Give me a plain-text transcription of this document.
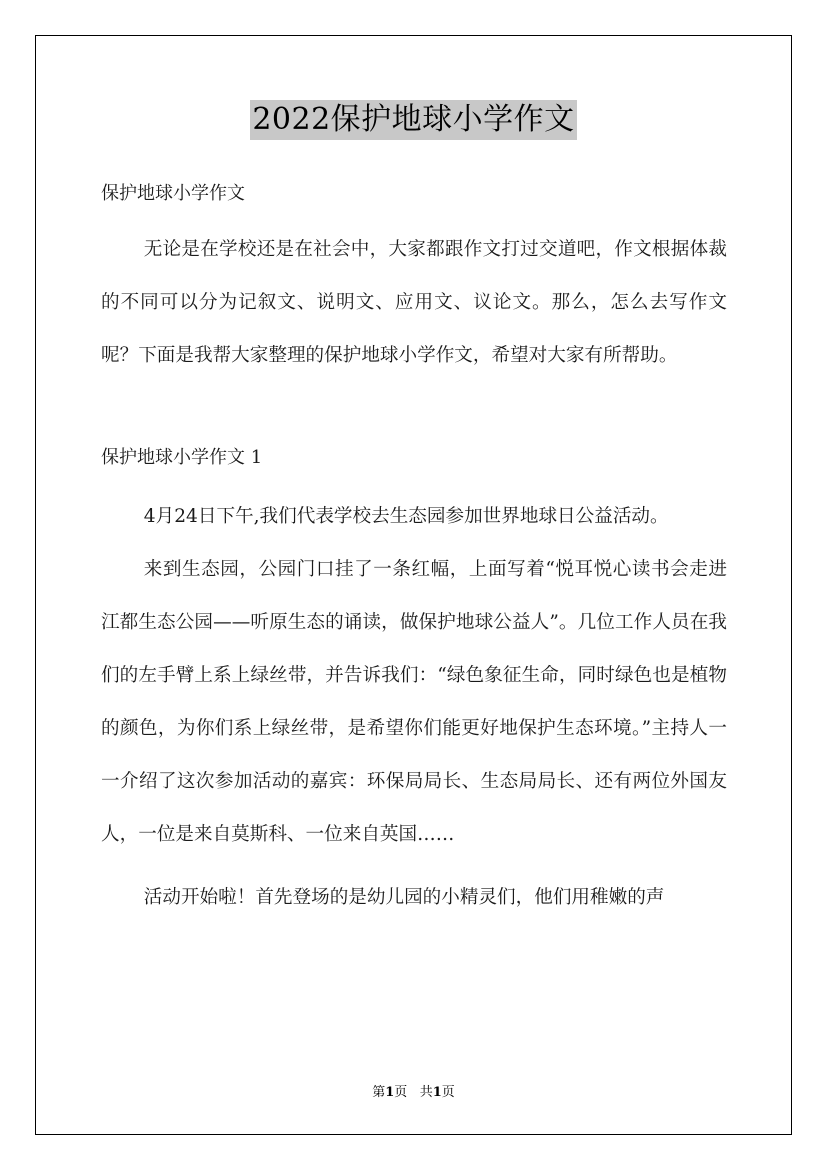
2022保护地球小学作文

保护地球小学作文

无论是在学校还是在社会中，大家都跟作文打过交道吧，作文根据体裁的不同可以分为记叙文、说明文、应用文、议论文。那么，怎么去写作文呢？下面是我帮大家整理的保护地球小学作文，希望对大家有所帮助。

保护地球小学作文 1

4月24日下午,我们代表学校去生态园参加世界地球日公益活动。

来到生态园，公园门口挂了一条红幅，上面写着“悦耳悦心读书会走进江都生态公园——听原生态的诵读，做保护地球公益人”。几位工作人员在我们的左手臂上系上绿丝带，并告诉我们：“绿色象征生命，同时绿色也是植物的颜色，为你们系上绿丝带，是希望你们能更好地保护生态环境。”主持人一一介绍了这次参加活动的嘉宾：环保局局长、生态局局长、还有两位外国友人，一位是来自莫斯科、一位来自英国……

活动开始啦！首先登场的是幼儿园的小精灵们，他们用稚嫩的声

第1页 共1页
